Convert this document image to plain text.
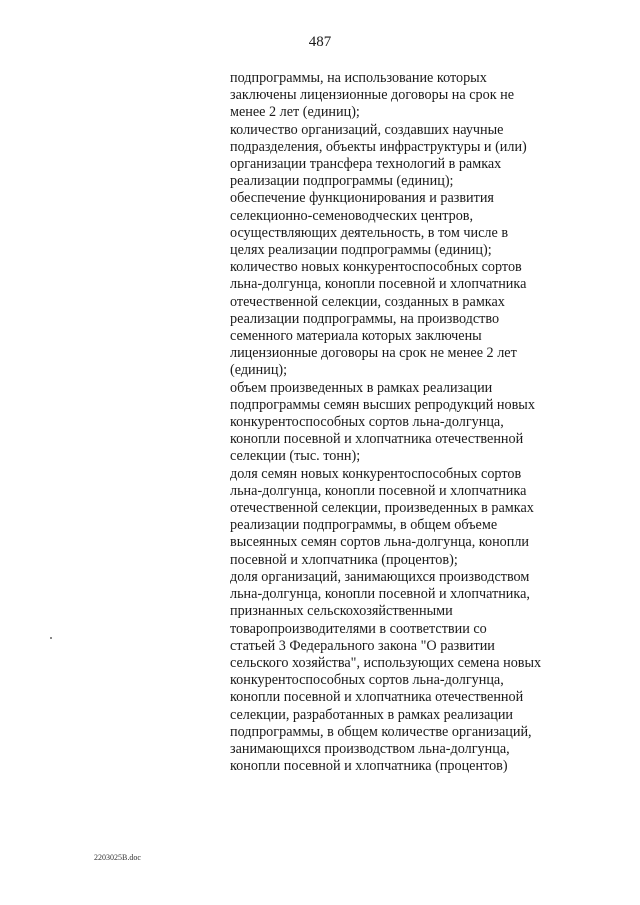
487
подпрограммы, на использование которых
заключены лицензионные договоры на срок не
менее 2 лет (единиц);
количество организаций, создавших научные
подразделения, объекты инфраструктуры и (или)
организации трансфера технологий в рамках
реализации подпрограммы (единиц);
обеспечение функционирования и развития
селекционно-семеноводческих центров,
осуществляющих деятельность, в том числе в
целях реализации подпрограммы (единиц);
количество новых конкурентоспособных сортов
льна-долгунца, конопли посевной и хлопчатника
отечественной селекции, созданных в рамках
реализации подпрограммы, на производство
семенного материала которых заключены
лицензионные договоры на срок не менее 2 лет
(единиц);
объем произведенных в рамках реализации
подпрограммы семян высших репродукций новых
конкурентоспособных сортов льна-долгунца,
конопли посевной и хлопчатника отечественной
селекции (тыс. тонн);
доля семян новых конкурентоспособных сортов
льна-долгунца, конопли посевной и хлопчатника
отечественной селекции, произведенных в рамках
реализации подпрограммы, в общем объеме
высеянных семян сортов льна-долгунца, конопли
посевной и хлопчатника (процентов);
доля организаций, занимающихся производством
льна-долгунца, конопли посевной и хлопчатника,
признанных сельскохозяйственными
товаропроизводителями в соответствии со
статьей 3 Федерального закона "О развитии
сельского хозяйства", использующих семена новых
конкурентоспособных сортов льна-долгунца,
конопли посевной и хлопчатника отечественной
селекции, разработанных в рамках реализации
подпрограммы, в общем количестве организаций,
занимающихся производством льна-долгунца,
конопли посевной и хлопчатника (процентов)
2203025В.doc
